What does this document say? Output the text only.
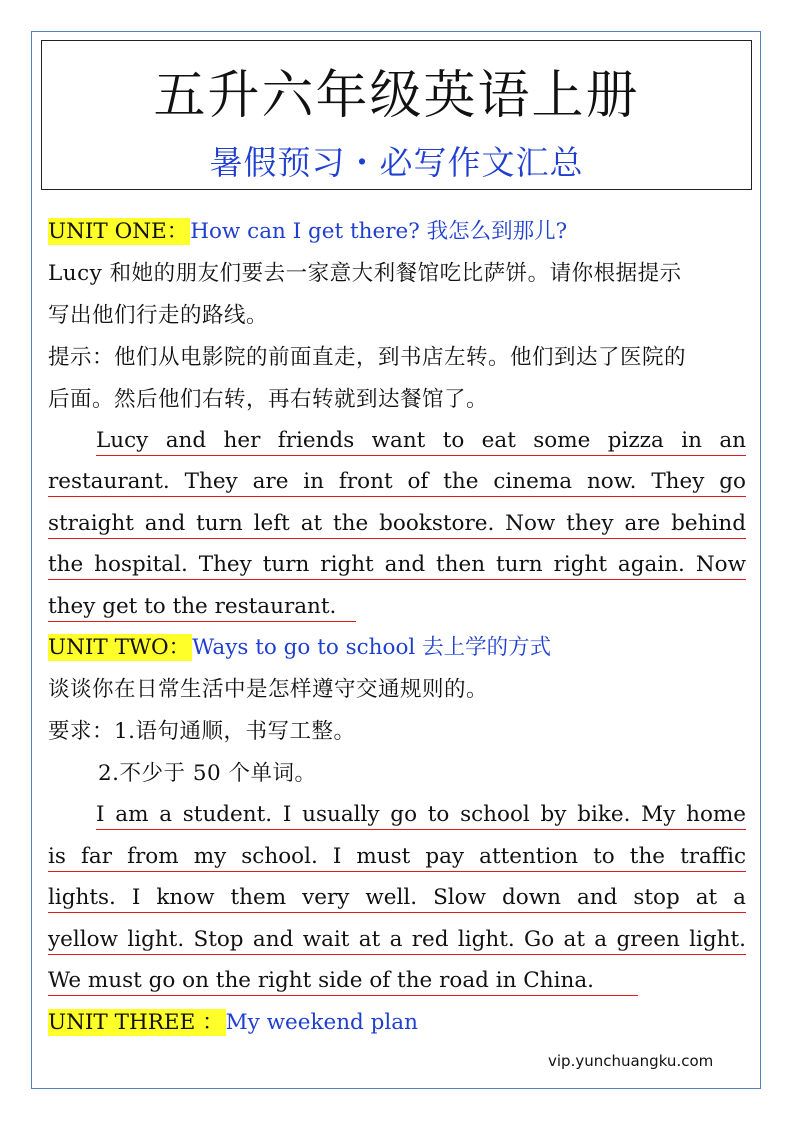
五升六年级英语上册
暑假预习・必写作文汇总
UNIT ONE：How can I get there? 我怎么到那儿?
Lucy 和她的朋友们要去一家意大利餐馆吃比萨饼。请你根据提示
写出他们行走的路线。
提示：他们从电影院的前面直走，到书店左转。他们到达了医院的
后面。然后他们右转，再右转就到达餐馆了。
Lucy and her friends want to eat some pizza in an
restaurant. They are in front of the cinema now. They go
straight and turn left at the bookstore. Now they are behind
the hospital. They turn right and then turn right again. Now
they get to the restaurant.
UNIT TWO：Ways to go to school 去上学的方式
谈谈你在日常生活中是怎样遵守交通规则的。
要求：1.语句通顺，书写工整。
2.不少于 50 个单词。
I am a student. I usually go to school by bike. My home
is far from my school. I must pay attention to the traffic
lights. I know them very well. Slow down and stop at a
yellow light. Stop and wait at a red light. Go at a green light.
We must go on the right side of the road in China.
UNIT THREE ：My weekend plan
vip.yunchuangku.com
